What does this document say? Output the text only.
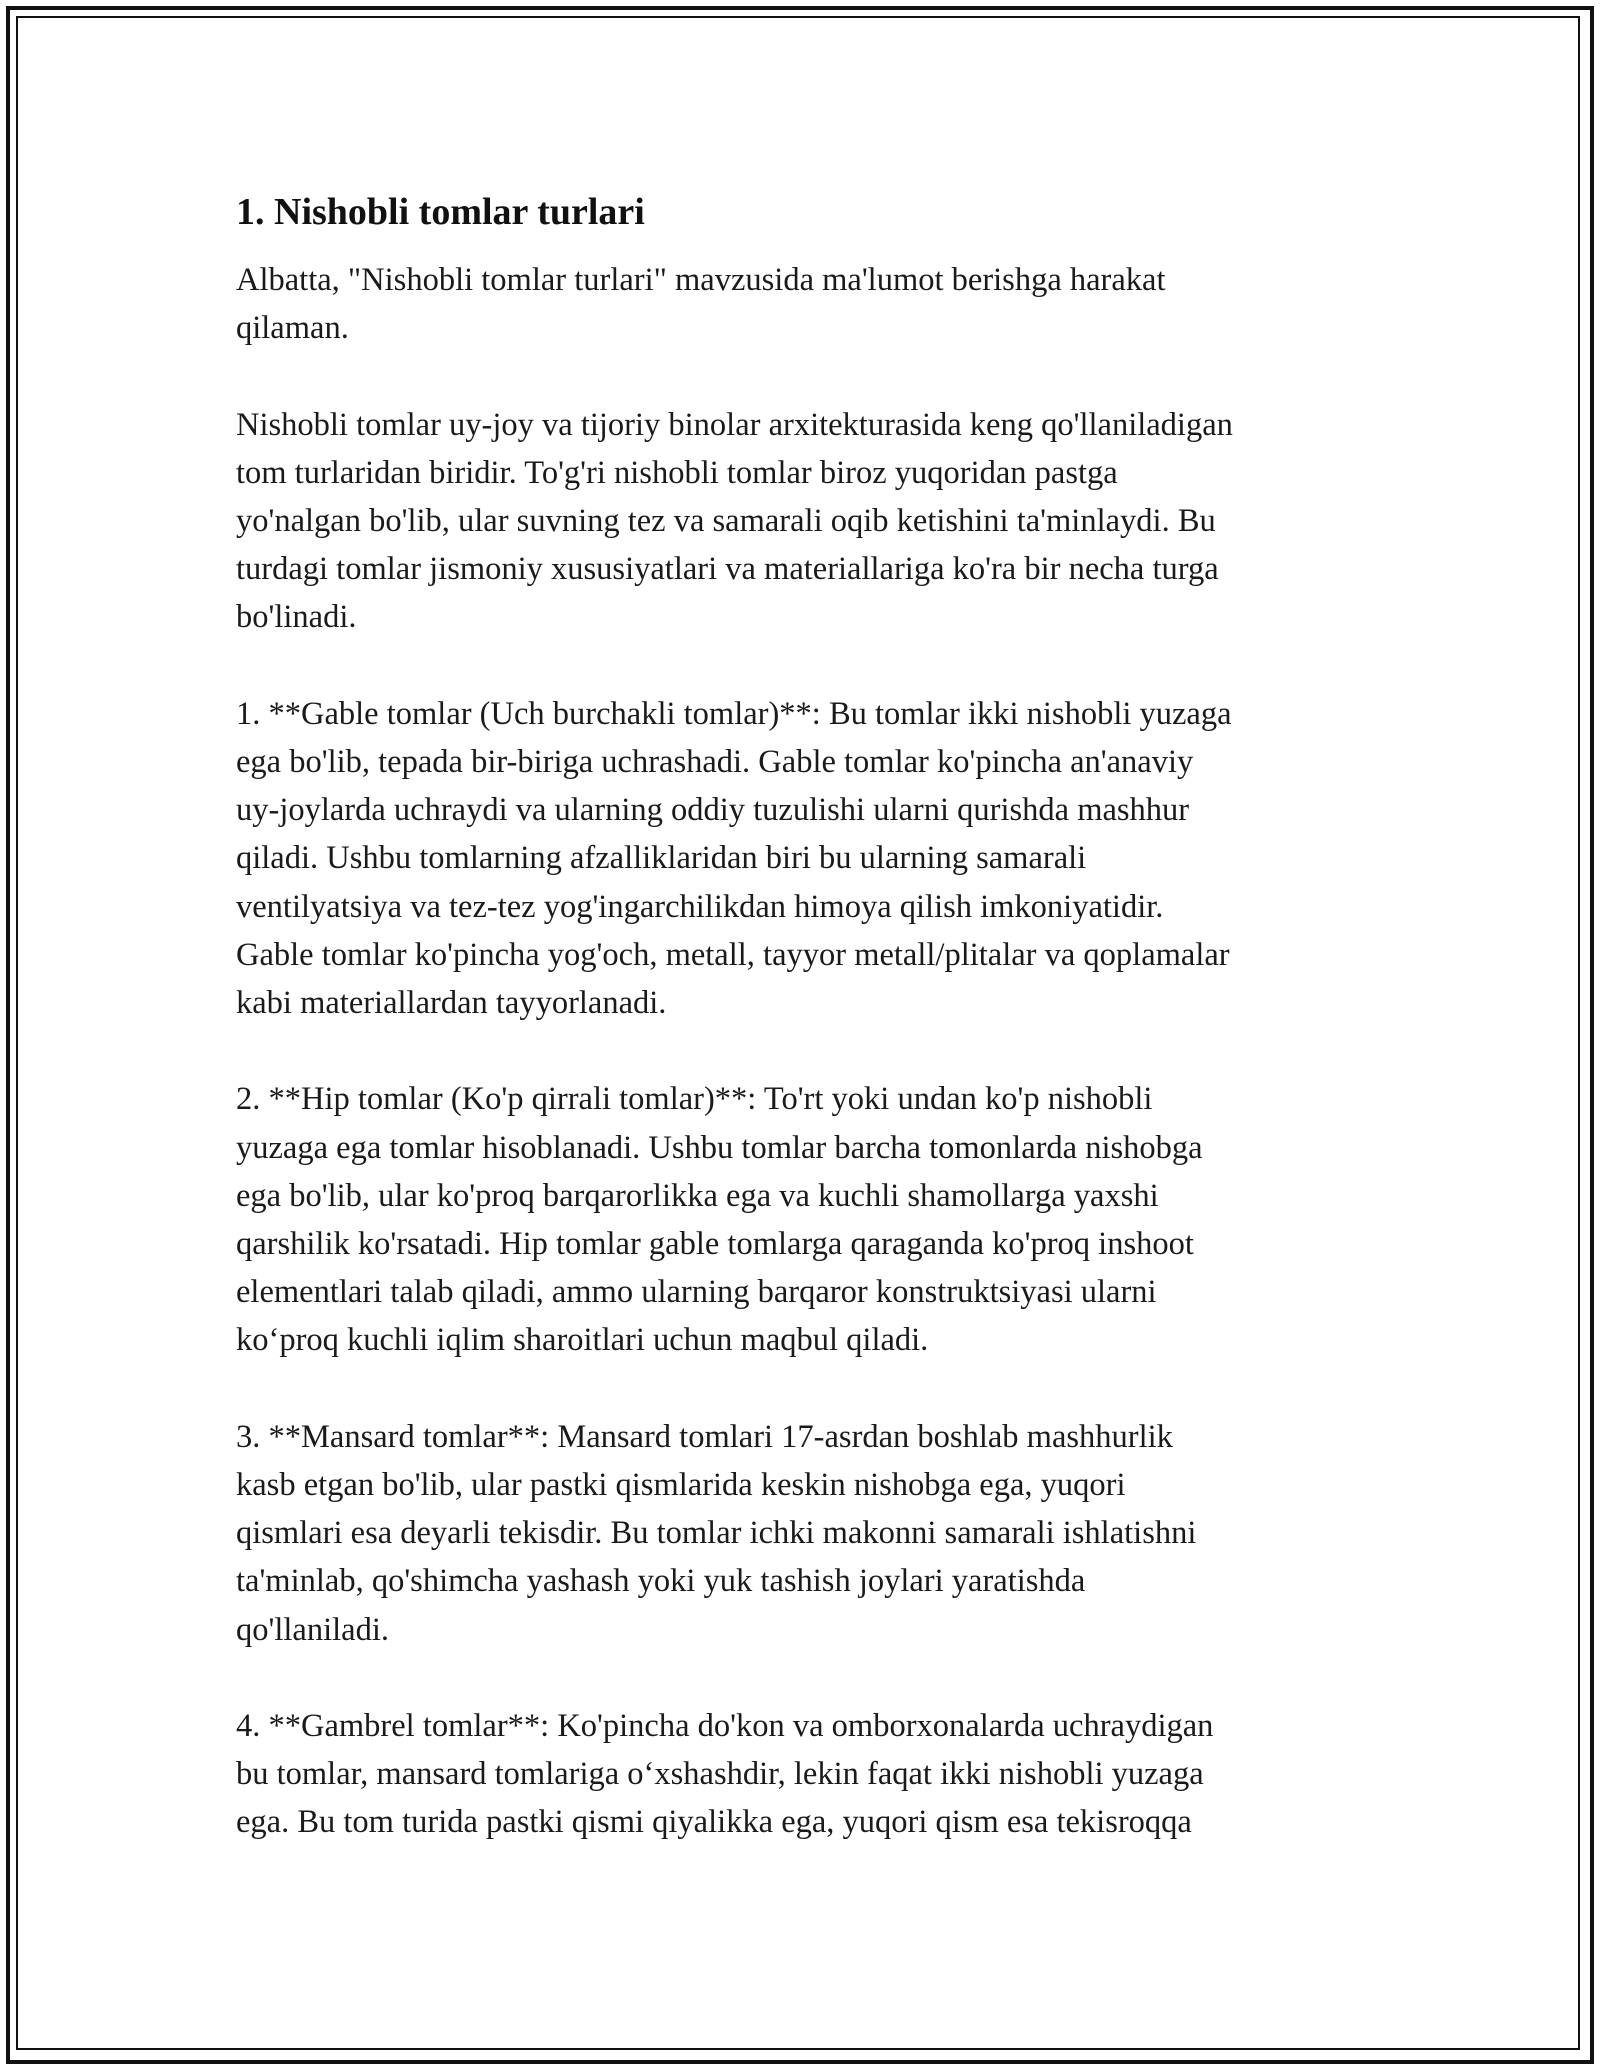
1. Nishobli tomlar turlari
Albatta, "Nishobli tomlar turlari" mavzusida ma'lumot berishga harakat
qilaman.
Nishobli tomlar uy-joy va tijoriy binolar arxitekturasida keng qo'llaniladigan
tom turlaridan biridir. To'g'ri nishobli tomlar biroz yuqoridan pastga
yo'nalgan bo'lib, ular suvning tez va samarali oqib ketishini ta'minlaydi. Bu
turdagi tomlar jismoniy xususiyatlari va materiallariga ko'ra bir necha turga
bo'linadi.
1. **Gable tomlar (Uch burchakli tomlar)**: Bu tomlar ikki nishobli yuzaga
ega bo'lib, tepada bir-biriga uchrashadi. Gable tomlar ko'pincha an'anaviy
uy-joylarda uchraydi va ularning oddiy tuzulishi ularni qurishda mashhur
qiladi. Ushbu tomlarning afzalliklaridan biri bu ularning samarali
ventilyatsiya va tez-tez yog'ingarchilikdan himoya qilish imkoniyatidir.
Gable tomlar ko'pincha yog'och, metall, tayyor metall/plitalar va qoplamalar
kabi materiallardan tayyorlanadi.
2. **Hip tomlar (Ko'p qirrali tomlar)**: To'rt yoki undan ko'p nishobli
yuzaga ega tomlar hisoblanadi. Ushbu tomlar barcha tomonlarda nishobga
ega bo'lib, ular ko'proq barqarorlikka ega va kuchli shamollarga yaxshi
qarshilik ko'rsatadi. Hip tomlar gable tomlarga qaraganda ko'proq inshoot
elementlari talab qiladi, ammo ularning barqaror konstruktsiyasi ularni
ko‘proq kuchli iqlim sharoitlari uchun maqbul qiladi.
3. **Mansard tomlar**: Mansard tomlari 17-asrdan boshlab mashhurlik
kasb etgan bo'lib, ular pastki qismlarida keskin nishobga ega, yuqori
qismlari esa deyarli tekisdir. Bu tomlar ichki makonni samarali ishlatishni
ta'minlab, qo'shimcha yashash yoki yuk tashish joylari yaratishda
qo'llaniladi.
4. **Gambrel tomlar**: Ko'pincha do'kon va omborxonalarda uchraydigan
bu tomlar, mansard tomlariga o‘xshashdir, lekin faqat ikki nishobli yuzaga
ega. Bu tom turida pastki qismi qiyalikka ega, yuqori qism esa tekisroqqa
